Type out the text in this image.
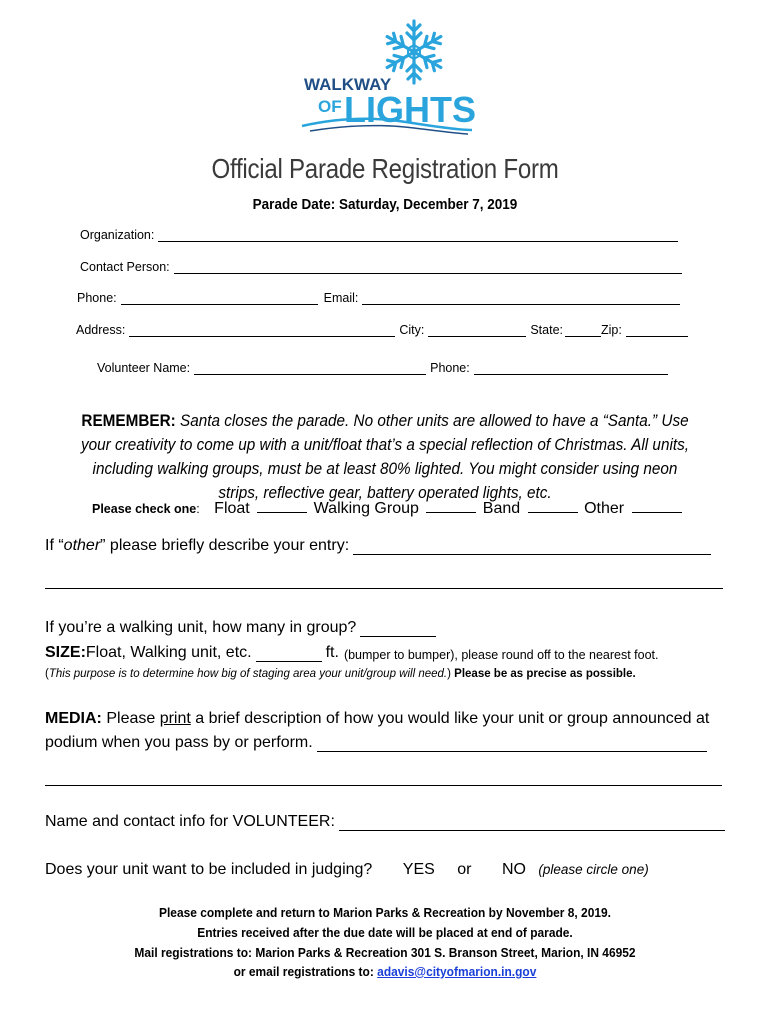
WALKWAY
OF LIGHTS
Official Parade Registration Form
Parade Date: Saturday, December 7, 2019
Organization:
Contact Person:
Phone:	Email:
Address:	City:	State:	Zip:
Volunteer Name:	Phone:
REMEMBER: Santa closes the parade. No other units are allowed to have a “Santa.” Use your creativity to come up with a unit/float that’s a special reflection of Christmas. All units, including walking groups, must be at least 80% lighted. You might consider using neon strips, reflective gear, battery operated lights, etc.
Please check one: Float	Walking Group	Band	Other
If “ other ” please briefly describe your entry:
If you’re a walking unit, how many in group?
SIZE: Float, Walking unit, etc.	ft. (bumper to bumper), please round off to the nearest foot.
(This purpose is to determine how big of staging area your unit/group will need.) Please be as precise as possible.
MEDIA: Please print a brief description of how you would like your unit or group announced at
podium when you pass by or perform.
Name and contact info for VOLUNTEER:
Does your unit want to be included in judging? YES or NO (please circle one)
Please complete and return to Marion Parks & Recreation by November 8, 2019.
Entries received after the due date will be placed at end of parade.
Mail registrations to: Marion Parks & Recreation 301 S. Branson Street, Marion, IN 46952
or email registrations to: adavis@cityofmarion.in.gov
